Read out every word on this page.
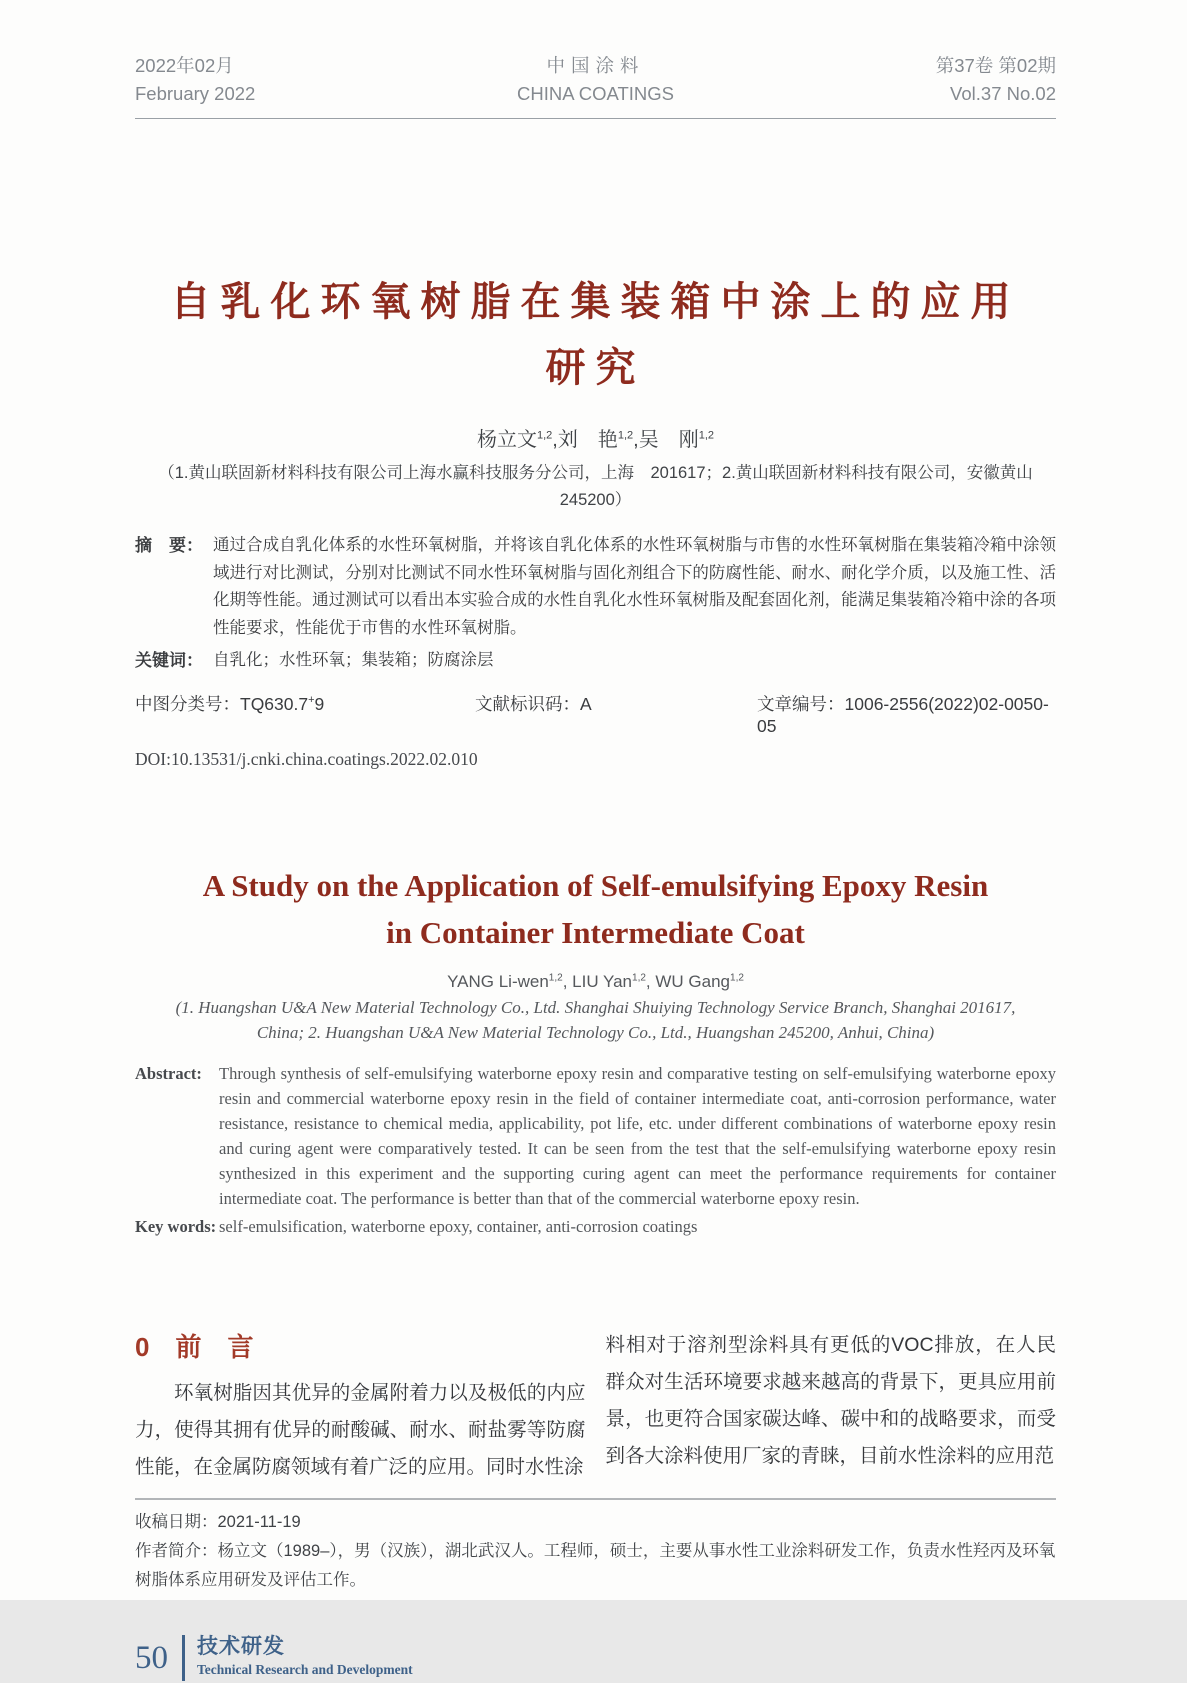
2022年02月
February 2022
中国涂料
CHINA COATINGS
第37卷 第02期
Vol.37 No.02
自乳化环氧树脂在集装箱中涂上的应用
研究
杨立文$^{1,2}$,刘　艳$^{1,2}$,吴　刚$^{1,2}$
（1.黄山联固新材料科技有限公司上海水赢科技服务分公司，上海　201617；2.黄山联固新材料科技有限公司，安徽黄山
245200）
摘　要： 通过合成自乳化体系的水性环氧树脂，并将该自乳化体系的水性环氧树脂与市售的水性环氧树脂在集装箱冷箱中涂领域进行对比测试，分别对比测试不同水性环氧树脂与固化剂组合下的防腐性能、耐水、耐化学介质，以及施工性、活化期等性能。通过测试可以看出本实验合成的水性自乳化水性环氧树脂及配套固化剂，能满足集装箱冷箱中涂的各项性能要求，性能优于市售的水性环氧树脂。
关键词： 自乳化；水性环氧；集装箱；防腐涂层
中图分类号：TQ630.7+9	文献标识码：A	文章编号：1006-2556(2022)02-0050-05
DOI:10.13531/j.cnki.china.coatings.2022.02.010
A Study on the Application of Self-emulsifying Epoxy Resin
in Container Intermediate Coat
YANG Li-wen$^{1,2}$, LIU Yan$^{1,2}$, WU Gang$^{1,2}$
(1. Huangshan U&A New Material Technology Co., Ltd. Shanghai Shuiying Technology Service Branch, Shanghai 201617,
China; 2. Huangshan U&A New Material Technology Co., Ltd., Huangshan 245200, Anhui, China)
Abstract:	Through synthesis of self-emulsifying waterborne epoxy resin and comparative testing on self-emulsifying waterborne epoxy resin and commercial waterborne epoxy resin in the field of container intermediate coat, anti-corrosion performance, water resistance, resistance to chemical media, applicability, pot life, etc. under different combinations of waterborne epoxy resin and curing agent were comparatively tested. It can be seen from the test that the self-emulsifying waterborne epoxy resin synthesized in this experiment and the supporting curing agent can meet the performance requirements for container intermediate coat. The performance is better than that of the commercial waterborne epoxy resin.
Key words: self-emulsification, waterborne epoxy, container, anti-corrosion coatings
0 前　言
环氧树脂因其优异的金属附着力以及极低的内应力，使得其拥有优异的耐酸碱、耐水、耐盐雾等防腐性能，在金属防腐领域有着广泛的应用。同时水性涂
料相对于溶剂型涂料具有更低的VOC排放，在人民群众对生活环境要求越来越高的背景下，更具应用前景，也更符合国家碳达峰、碳中和的战略要求，而受到各大涂料使用厂家的青睐，目前水性涂料的应用范
收稿日期：2021-11-19
作者简介：杨立文（1989–），男（汉族），湖北武汉人。工程师，硕士，主要从事水性工业涂料研发工作，负责水性羟丙及环氧树脂体系应用研发及评估工作。
50	技术研发
Technical Research and Development
